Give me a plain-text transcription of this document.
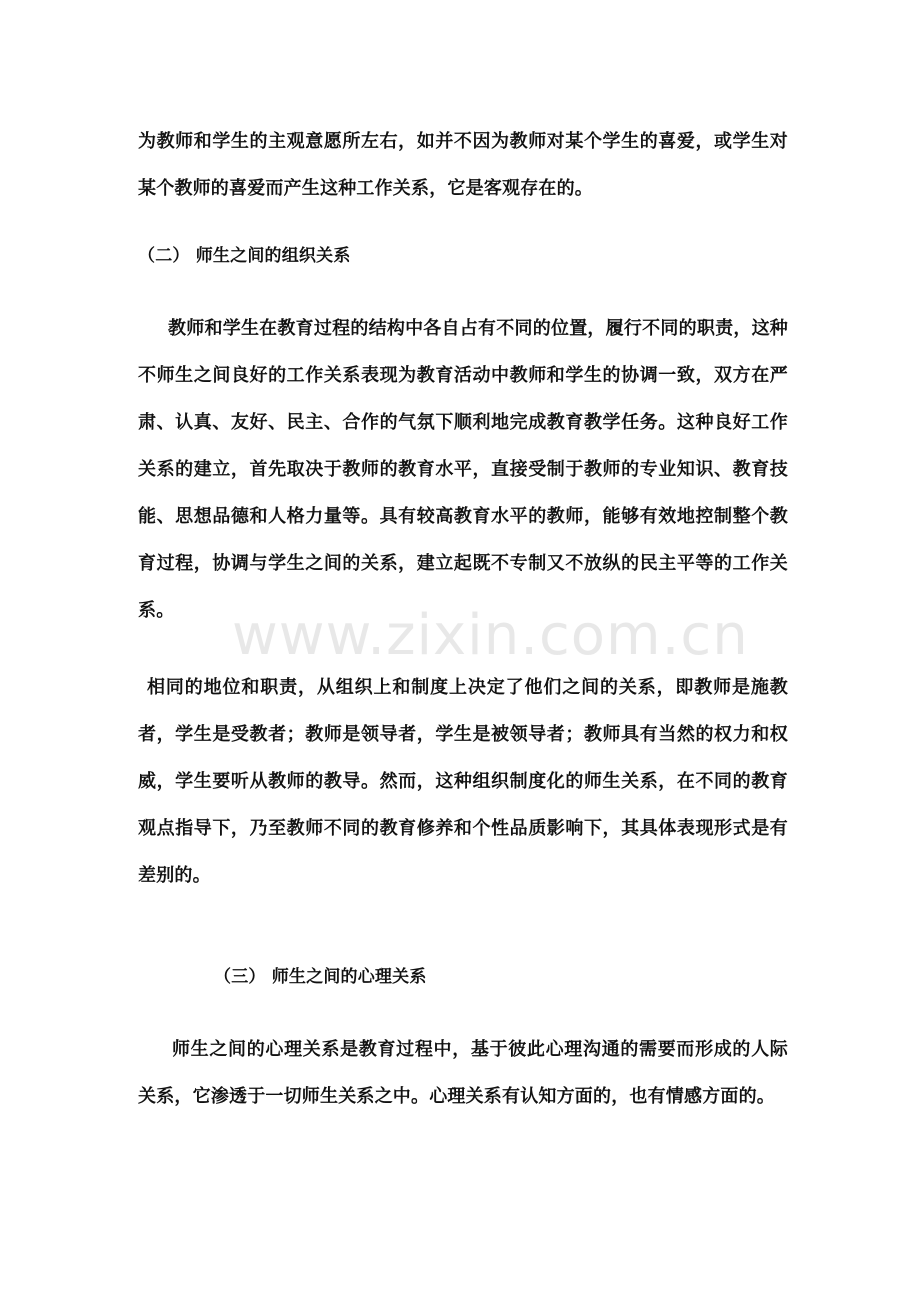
为教师和学生的主观意愿所左右，如并不因为教师对某个学生的喜爱，或学生对某个教师的喜爱而产生这种工作关系，它是客观存在的。

（二） 师生之间的组织关系

教师和学生在教育过程的结构中各自占有不同的位置，履行不同的职责，这种不师生之间良好的工作关系表现为教育活动中教师和学生的协调一致，双方在严肃、认真、友好、民主、合作的气氛下顺利地完成教育教学任务。这种良好工作关系的建立，首先取决于教师的教育水平，直接受制于教师的专业知识、教育技能、思想品德和人格力量等。具有较高教育水平的教师，能够有效地控制整个教育过程，协调与学生之间的关系，建立起既不专制又不放纵的民主平等的工作关系。

相同的地位和职责，从组织上和制度上决定了他们之间的关系，即教师是施教者，学生是受教者；教师是领导者，学生是被领导者；教师具有当然的权力和权威，学生要听从教师的教导。然而，这种组织制度化的师生关系，在不同的教育观点指导下，乃至教师不同的教育修养和个性品质影响下，其具体表现形式是有差别的。

（三） 师生之间的心理关系

师生之间的心理关系是教育过程中，基于彼此心理沟通的需要而形成的人际关系，它渗透于一切师生关系之中。心理关系有认知方面的，也有情感方面的。

www.zixin.com.cn
